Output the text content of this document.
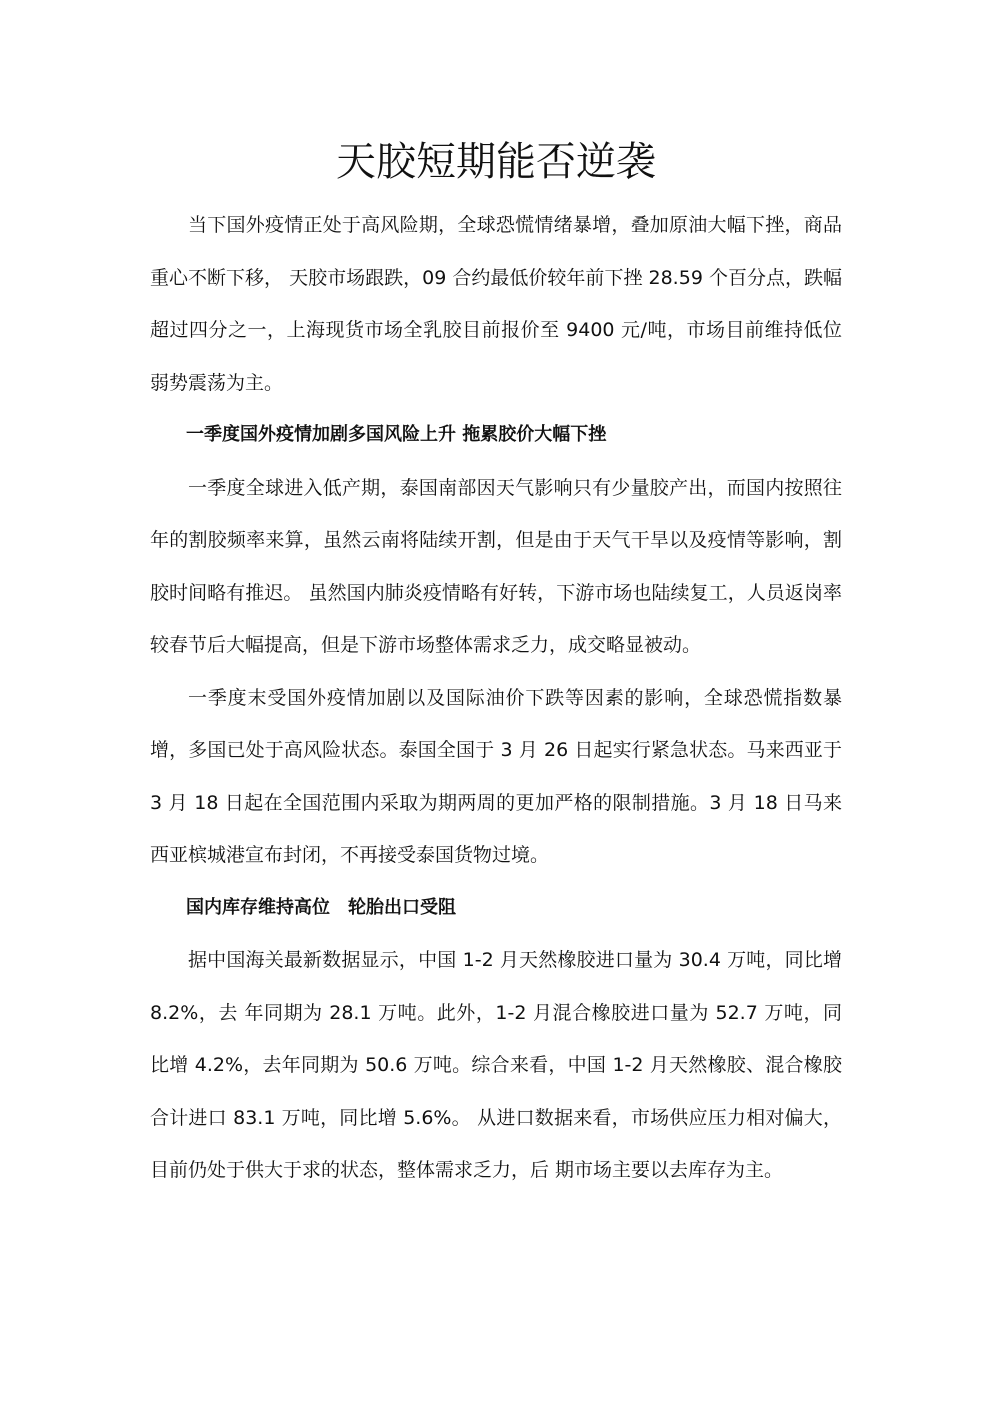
天胶短期能否逆袭

当下国外疫情正处于高风险期，全球恐慌情绪暴增，叠加原油大幅下挫，商品重心不断下移， 天胶市场跟跌，09 合约最低价较年前下挫 28.59 个百分点，跌幅超过四分之一，上海现货市场全乳胶目前报价至 9400 元/吨，市场目前维持低位弱势震荡为主。

一季度国外疫情加剧多国风险上升 拖累胶价大幅下挫

一季度全球进入低产期，泰国南部因天气影响只有少量胶产出，而国内按照往年的割胶频率来算，虽然云南将陆续开割，但是由于天气干旱以及疫情等影响，割胶时间略有推迟。 虽然国内肺炎疫情略有好转，下游市场也陆续复工，人员返岗率较春节后大幅提高，但是下游市场整体需求乏力，成交略显被动。

一季度末受国外疫情加剧以及国际油价下跌等因素的影响，全球恐慌指数暴增，多国已处于高风险状态。泰国全国于 3 月 26 日起实行紧急状态。马来西亚于 3 月 18 日起在全国范围内采取为期两周的更加严格的限制措施。3 月 18 日马来西亚槟城港宣布封闭，不再接受泰国货物过境。

国内库存维持高位　轮胎出口受阻

据中国海关最新数据显示，中国 1-2 月天然橡胶进口量为 30.4 万吨，同比增 8.2%，去 年同期为 28.1 万吨。此外，1-2 月混合橡胶进口量为 52.7 万吨，同比增 4.2%，去年同期为 50.6 万吨。综合来看，中国 1-2 月天然橡胶、混合橡胶合计进口 83.1 万吨，同比增 5.6%。 从进口数据来看，市场供应压力相对偏大，目前仍处于供大于求的状态，整体需求乏力，后 期市场主要以去库存为主。
